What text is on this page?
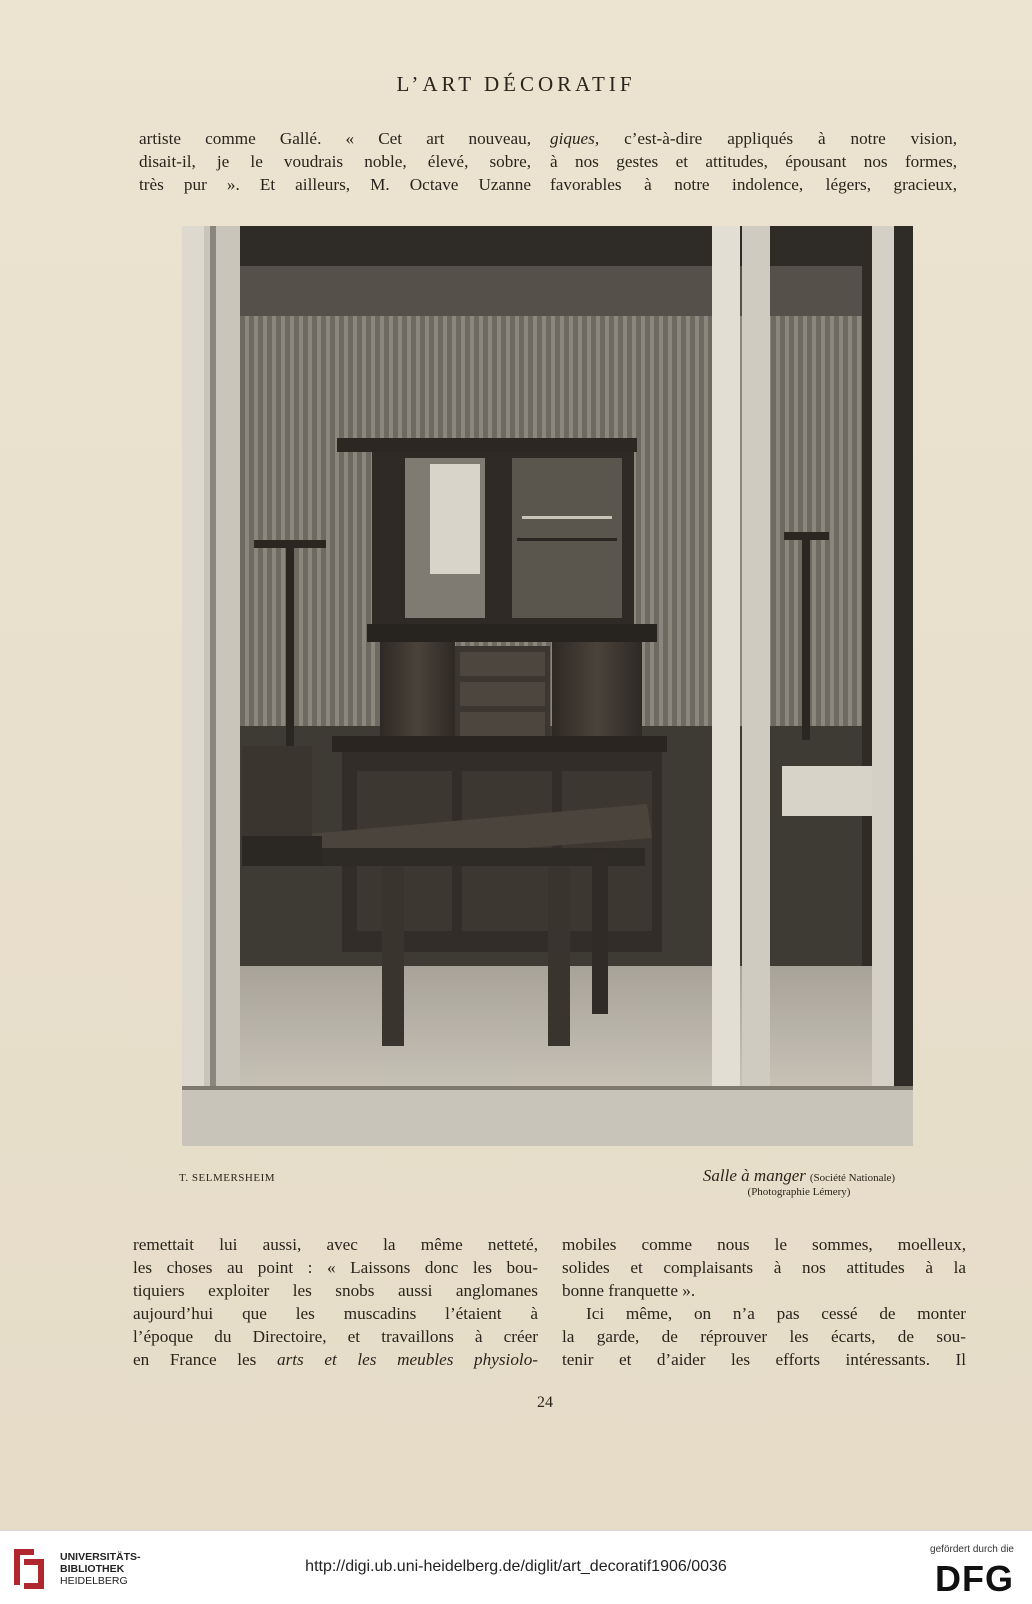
L’ART DÉCORATIF
artiste comme Gallé. « Cet art nouveau,
disait-il, je le voudrais noble, élevé, sobre,
très pur ». Et ailleurs, M. Octave Uzanne
giques, c’est-à-dire appliqués à notre vision,
à nos gestes et attitudes, épousant nos formes,
favorables à notre indolence, légers, gracieux,
T. SELMERSHEIM	Salle à manger (Société Nationale)
(Photographie Lémery)
remettait lui aussi, avec la même netteté,
les choses au point : « Laissons donc les bou-
tiquiers exploiter les snobs aussi anglomanes
aujourd’hui que les muscadins l’étaient à
l’époque du Directoire, et travaillons à créer
en France les arts et les meubles physiolo-
mobiles comme nous le sommes, moelleux,
solides et complaisants à nos attitudes à la
bonne franquette ».
Ici même, on n’a pas cessé de monter
la garde, de réprouver les écarts, de sou-
tenir et d’aider les efforts intéressants. Il
24
UNIVERSITÄTS-
BIBLIOTHEK
HEIDELBERG
http://digi.ub.uni-heidelberg.de/diglit/art_decoratif1906/0036
gefördert durch die
DFG
